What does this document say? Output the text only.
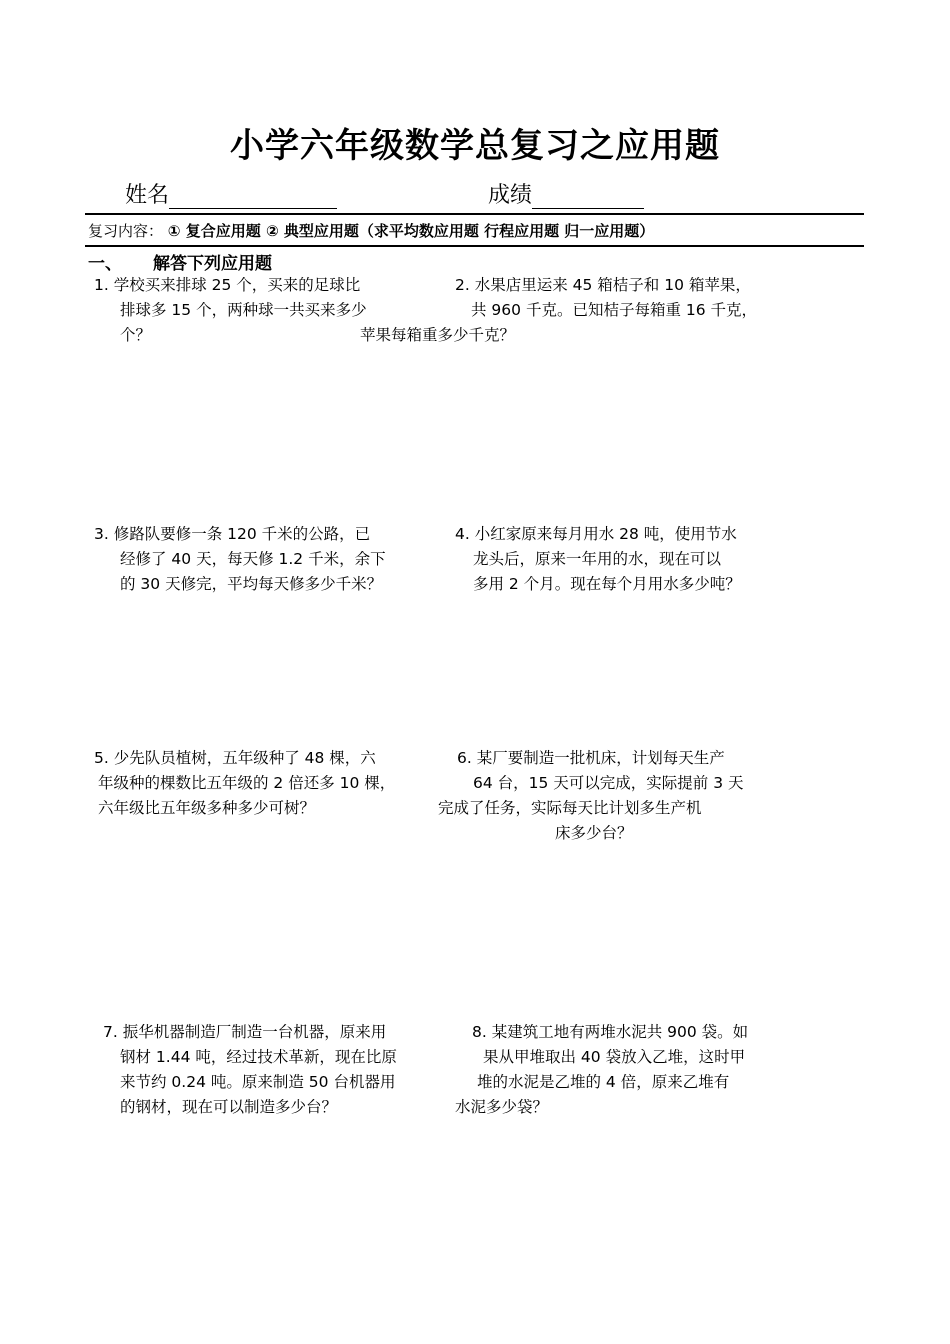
小学六年级数学总复习之应用题
姓名	成绩
复习内容： ① 复合应用题 ② 典型应用题（求平均数应用题 行程应用题 归一应用题）
一、 解答下列应用题
1. 学校买来排球 25 个，买来的足球比
排球多 15 个，两种球一共买来多少
个？
2. 水果店里运来 45 箱桔子和 10 箱苹果，
共 960 千克。已知桔子每箱重 16 千克，
苹果每箱重多少千克？
3. 修路队要修一条 120 千米的公路，已
经修了 40 天，每天修 1.2 千米，余下
的 30 天修完，平均每天修多少千米？
4. 小红家原来每月用水 28 吨，使用节水
龙头后，原来一年用的水，现在可以
多用 2 个月。现在每个月用水多少吨？
5. 少先队员植树，五年级种了 48 棵，六
年级种的棵数比五年级的 2 倍还多 10 棵，
六年级比五年级多种多少可树？
6. 某厂要制造一批机床，计划每天生产
64 台，15 天可以完成，实际提前 3 天
完成了任务，实际每天比计划多生产机
床多少台？
7. 振华机器制造厂制造一台机器，原来用
钢材 1.44 吨，经过技术革新，现在比原
来节约 0.24 吨。原来制造 50 台机器用
的钢材，现在可以制造多少台？
8. 某建筑工地有两堆水泥共 900 袋。如
果从甲堆取出 40 袋放入乙堆，这时甲
堆的水泥是乙堆的 4 倍，原来乙堆有
水泥多少袋？
